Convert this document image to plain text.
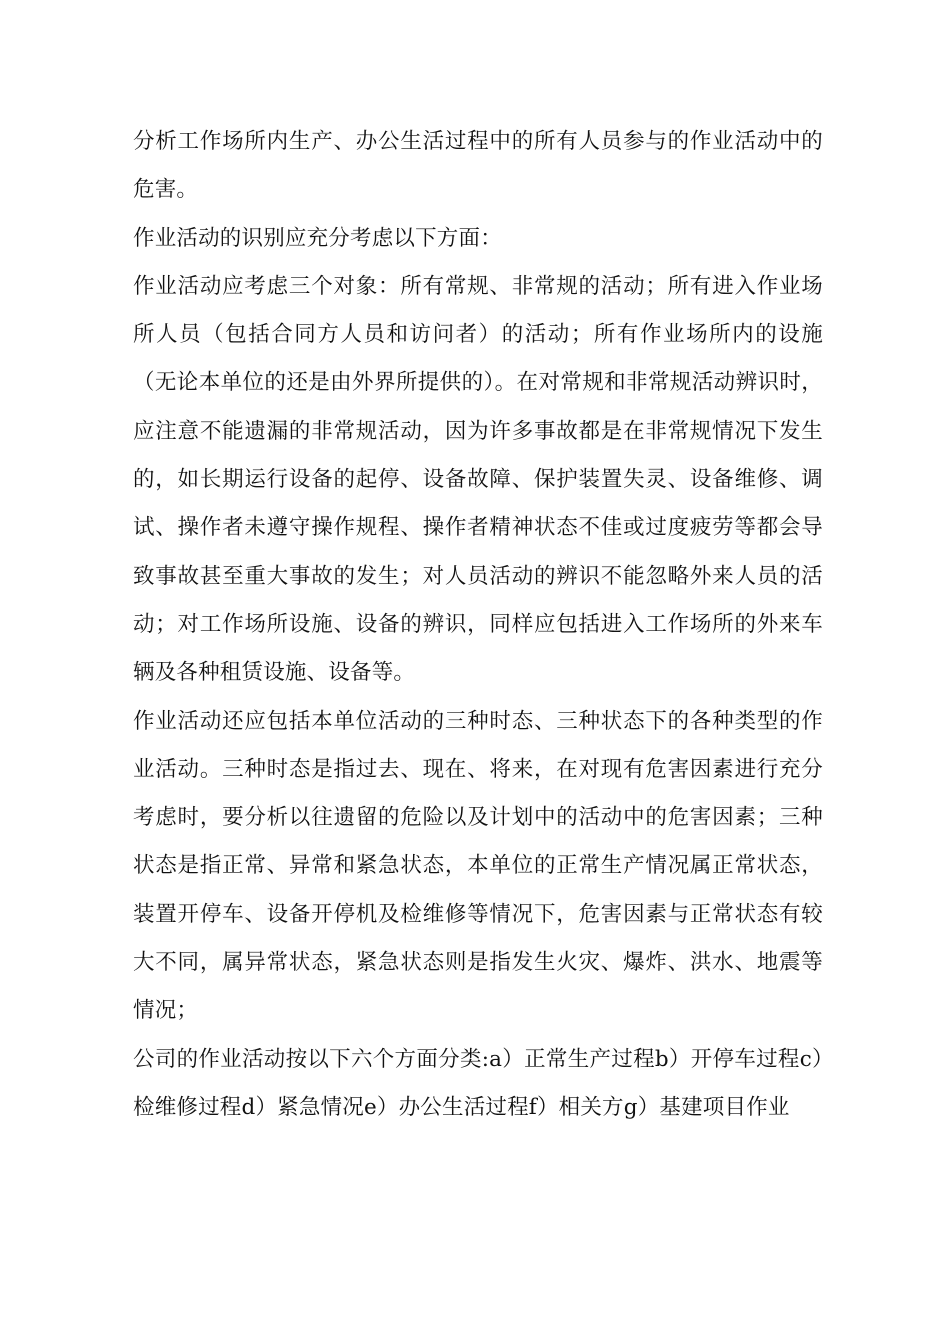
分析工作场所内生产、办公生活过程中的所有人员参与的作业活动中的危害。

作业活动的识别应充分考虑以下方面：

作业活动应考虑三个对象：所有常规、非常规的活动；所有进入作业场所人员（包括合同方人员和访问者）的活动；所有作业场所内的设施（无论本单位的还是由外界所提供的）。在对常规和非常规活动辨识时，应注意不能遗漏的非常规活动，因为许多事故都是在非常规情况下发生的，如长期运行设备的起停、设备故障、保护装置失灵、设备维修、调试、操作者未遵守操作规程、操作者精神状态不佳或过度疲劳等都会导致事故甚至重大事故的发生；对人员活动的辨识不能忽略外来人员的活动；对工作场所设施、设备的辨识，同样应包括进入工作场所的外来车辆及各种租赁设施、设备等。

作业活动还应包括本单位活动的三种时态、三种状态下的各种类型的作业活动。三种时态是指过去、现在、将来，在对现有危害因素进行充分考虑时，要分析以往遗留的危险以及计划中的活动中的危害因素；三种状态是指正常、异常和紧急状态，本单位的正常生产情况属正常状态，装置开停车、设备开停机及检维修等情况下，危害因素与正常状态有较大不同，属异常状态，紧急状态则是指发生火灾、爆炸、洪水、地震等情况；

公司的作业活动按以下六个方面分类:a）正常生产过程b）开停车过程c）检维修过程d）紧急情况e）办公生活过程f）相关方g）基建项目作业
